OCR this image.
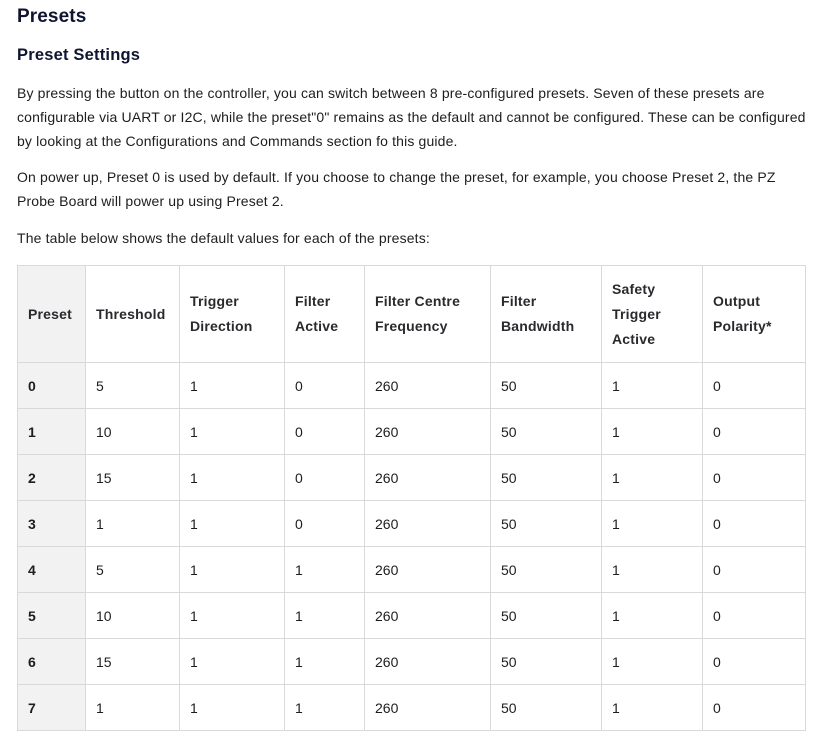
Presets
Preset Settings

By pressing the button on the controller, you can switch between 8 pre-configured presets. Seven of these presets are configurable via UART or I2C, while the preset"0" remains as the default and cannot be configured. These can be configured by looking at the Configurations and Commands section fo this guide.

On power up, Preset 0 is used by default. If you choose to change the preset, for example, you choose Preset 2, the PZ Probe Board will power up using Preset 2.

The table below shows the default values for each of the presets:

Preset	Threshold	Trigger Direction	Filter Active	Filter Centre Frequency	Filter Bandwidth	Safety Trigger Active	Output Polarity*
0	5	1	0	260	50	1	0
1	10	1	0	260	50	1	0
2	15	1	0	260	50	1	0
3	1	1	0	260	50	1	0
4	5	1	1	260	50	1	0
5	10	1	1	260	50	1	0
6	15	1	1	260	50	1	0
7	1	1	1	260	50	1	0
